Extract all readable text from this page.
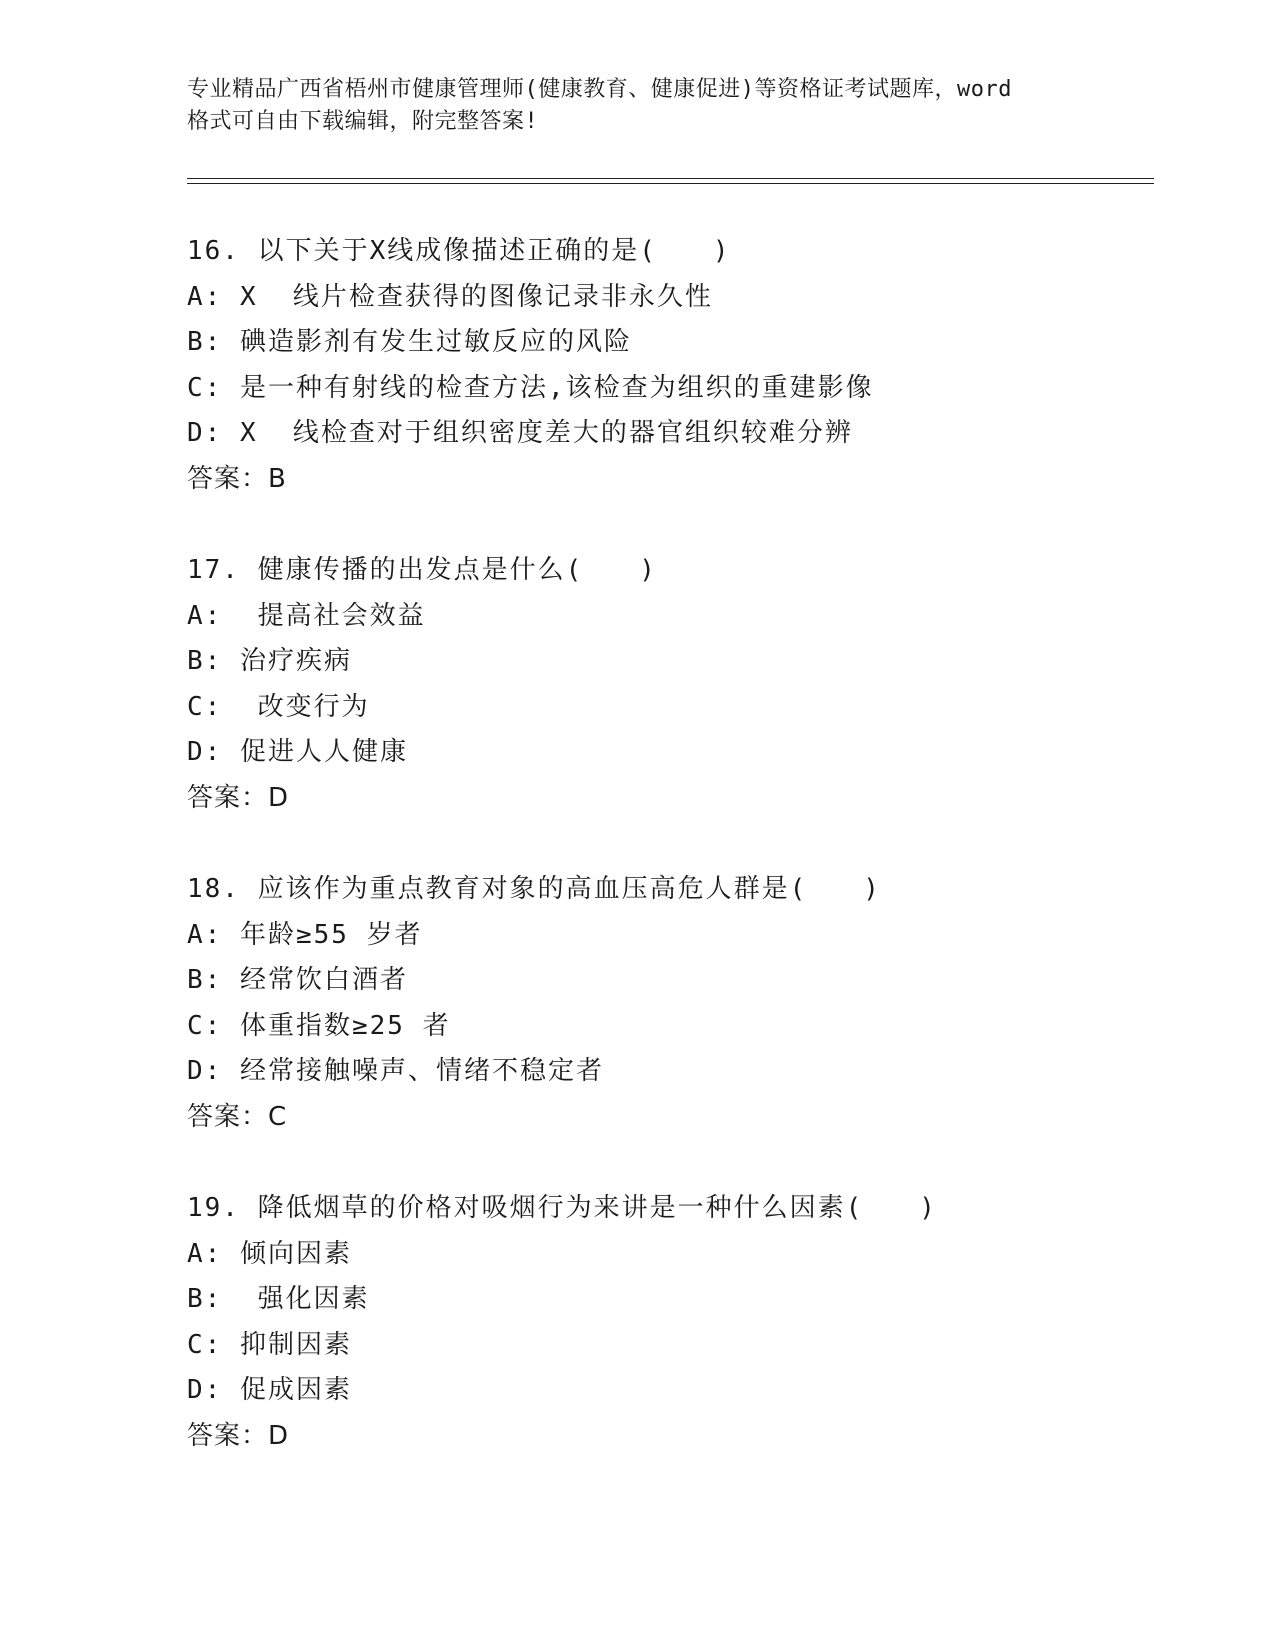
专业精品广西省梧州市健康管理师(健康教育、健康促进)等资格证考试题库，word
格式可自由下载编辑，附完整答案!
16. 以下关于X线成像描述正确的是(　　)
A: X  线片检查获得的图像记录非永久性
B: 碘造影剂有发生过敏反应的风险
C: 是一种有射线的检查方法,该检查为组织的重建影像
D: X  线检查对于组织密度差大的器官组织较难分辨
答案：B
17. 健康传播的出发点是什么(　　)
A:  提高社会效益
B: 治疗疾病
C:  改变行为
D: 促进人人健康
答案：D
18. 应该作为重点教育对象的高血压高危人群是(　　)
A: 年龄≥55 岁者
B: 经常饮白酒者
C: 体重指数≥25 者
D: 经常接触噪声、情绪不稳定者
答案：C
19. 降低烟草的价格对吸烟行为来讲是一种什么因素(　　)
A: 倾向因素
B:  强化因素
C: 抑制因素
D: 促成因素
答案：D
